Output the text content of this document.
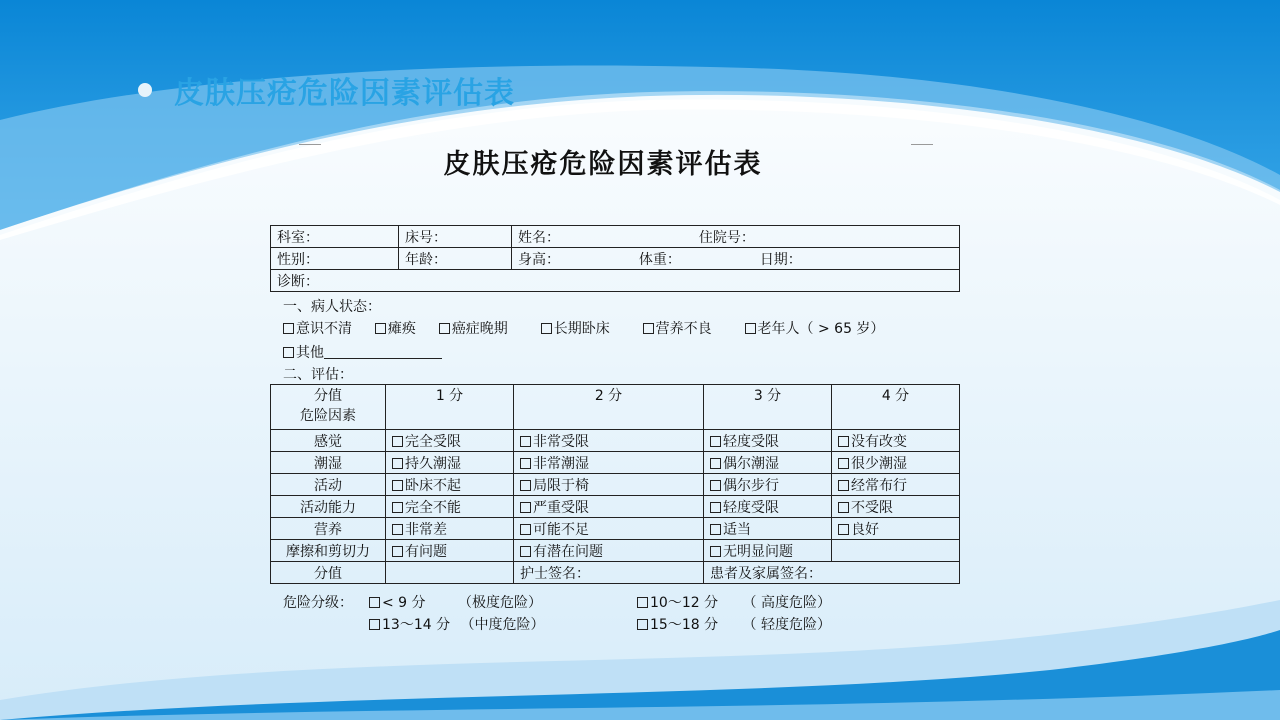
皮肤压疮危险因素评估表
皮肤压疮危险因素评估表
科室：	床号：	姓名： 住院号：
性别：	年龄：	身高： 体重： 日期：
诊断：		
一、病人状态：
意识不清	瘫痪	癌症晚期	长期卧床	营养不良	老年人（ > 65 岁）
其他
二、评估：
分值
危险因素	1 分	2 分	3 分	4 分
感觉	完全受限	非常受限	轻度受限	没有改变
潮湿	持久潮湿	非常潮湿	偶尔潮湿	很少潮湿
活动	卧床不起	局限于椅	偶尔步行	经常布行
活动能力	完全不能	严重受限	轻度受限	不受限
营养	非常差	可能不足	适当	良好
摩擦和剪切力	有问题	有潜在问题	无明显问题	
分值		护士签名：	患者及家属签名：	
危险分级：	< 9 分 （极度危险）	10～12 分 （ 高度危险）
13～14 分 （中度危险）	15～18 分 （ 轻度危险）
